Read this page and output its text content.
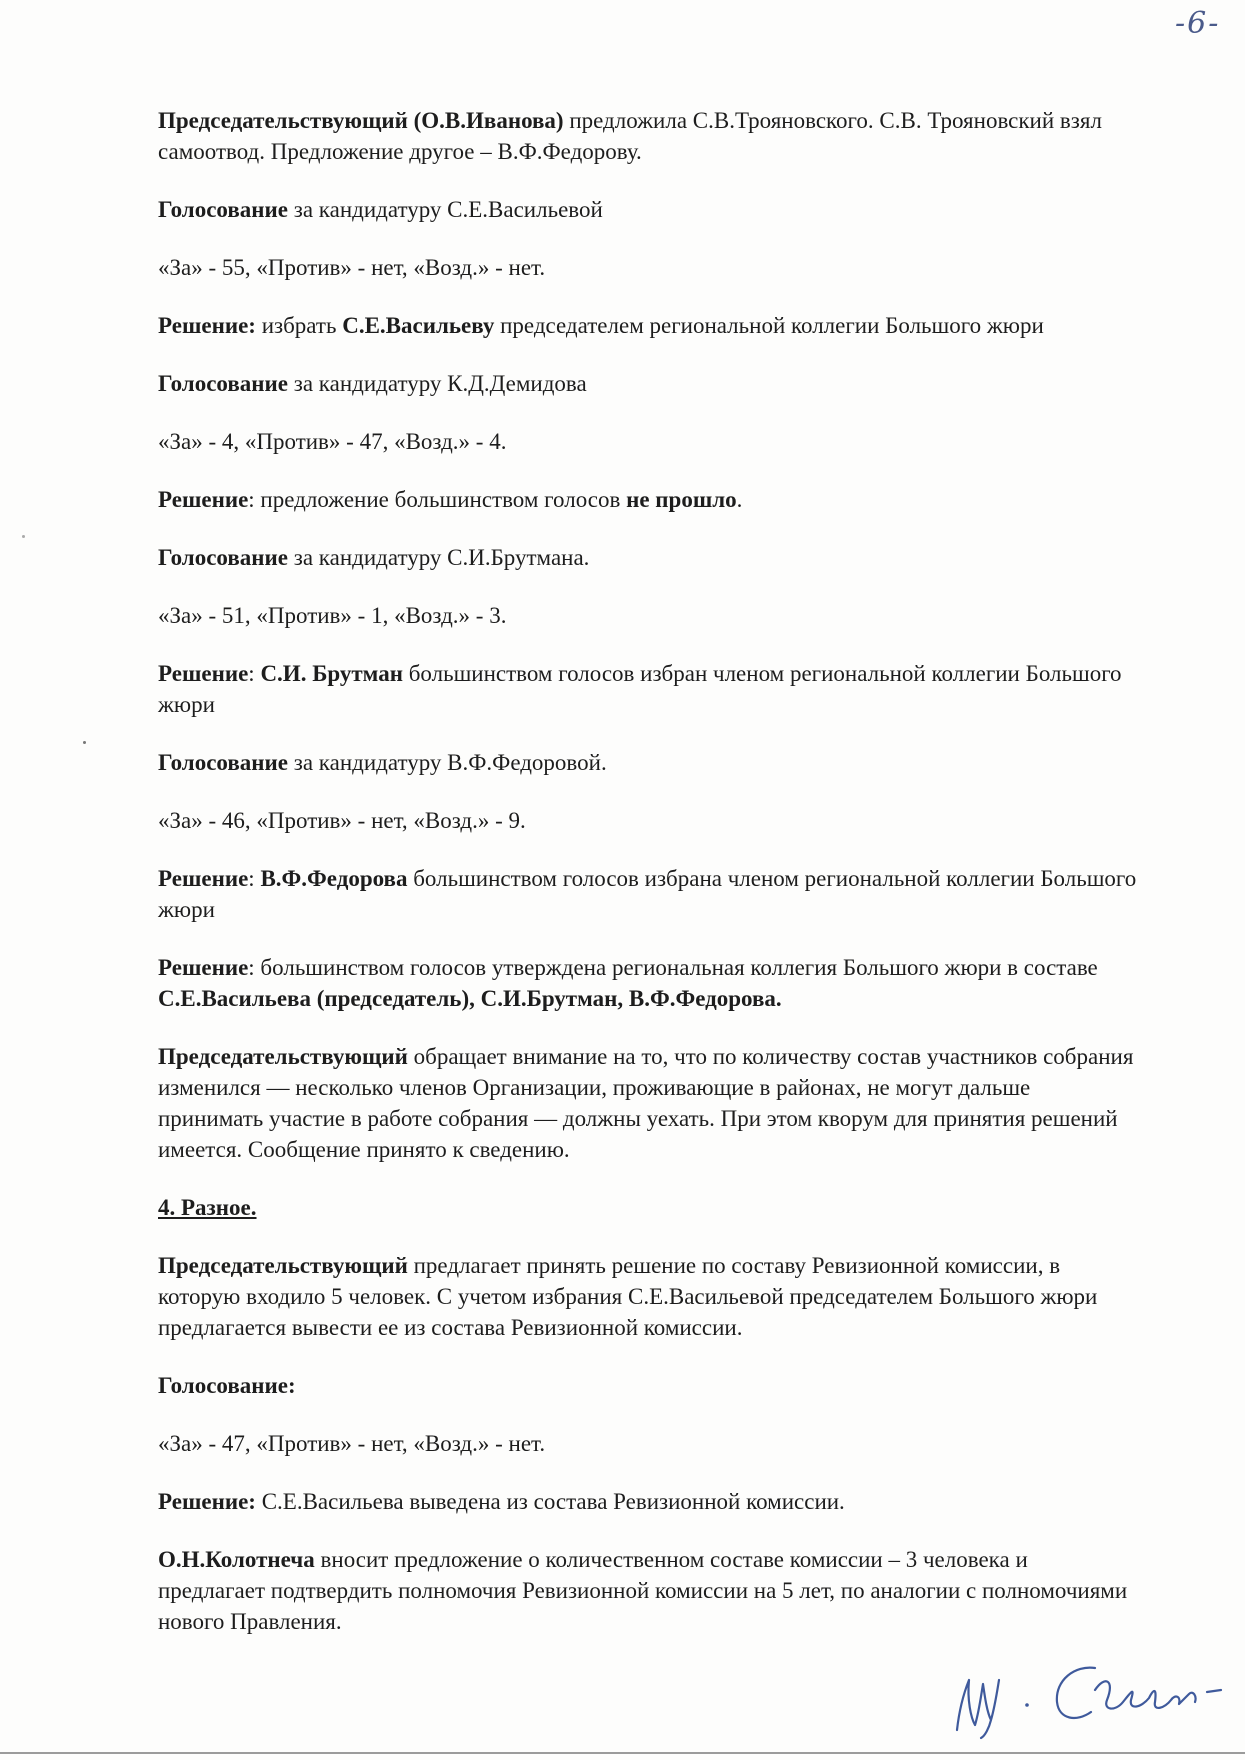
-6-

Председательствующий (О.В.Иванова) предложила С.В.Трояновского. С.В. Трояновский взял самоотвод. Предложение другое – В.Ф.Федорову.

Голосование за кандидатуру С.Е.Васильевой

«За» - 55, «Против» - нет, «Возд.» - нет.

Решение: избрать С.Е.Васильеву председателем региональной коллегии Большого жюри

Голосование за кандидатуру К.Д.Демидова

«За» - 4, «Против» - 47, «Возд.» - 4.

Решение: предложение большинством голосов не прошло.

Голосование за кандидатуру С.И.Брутмана.

«За» - 51, «Против» - 1, «Возд.» - 3.

Решение: С.И. Брутман большинством голосов избран членом региональной коллегии Большого жюри

Голосование за кандидатуру В.Ф.Федоровой.

«За» - 46, «Против» - нет, «Возд.» - 9.

Решение: В.Ф.Федорова большинством голосов избрана членом региональной коллегии Большого жюри

Решение: большинством голосов утверждена региональная коллегия Большого жюри в составе С.Е.Васильева (председатель), С.И.Брутман, В.Ф.Федорова.

Председательствующий обращает внимание на то, что по количеству состав участников собрания изменился — несколько членов Организации, проживающие в районах, не могут дальше принимать участие в работе собрания — должны уехать. При этом кворум для принятия решений имеется. Сообщение принято к сведению.

4. Разное.

Председательствующий предлагает принять решение по составу Ревизионной комиссии, в которую входило 5 человек. С учетом избрания С.Е.Васильевой председателем Большого жюри предлагается вывести ее из состава Ревизионной комиссии.

Голосование:

«За» - 47, «Против» - нет, «Возд.» - нет.

Решение: С.Е.Васильева выведена из состава Ревизионной комиссии.

О.Н.Колотнеча вносит предложение о количественном составе комиссии – 3 человека и предлагает подтвердить полномочия Ревизионной комиссии на 5 лет, по аналогии с полномочиями нового Правления.
